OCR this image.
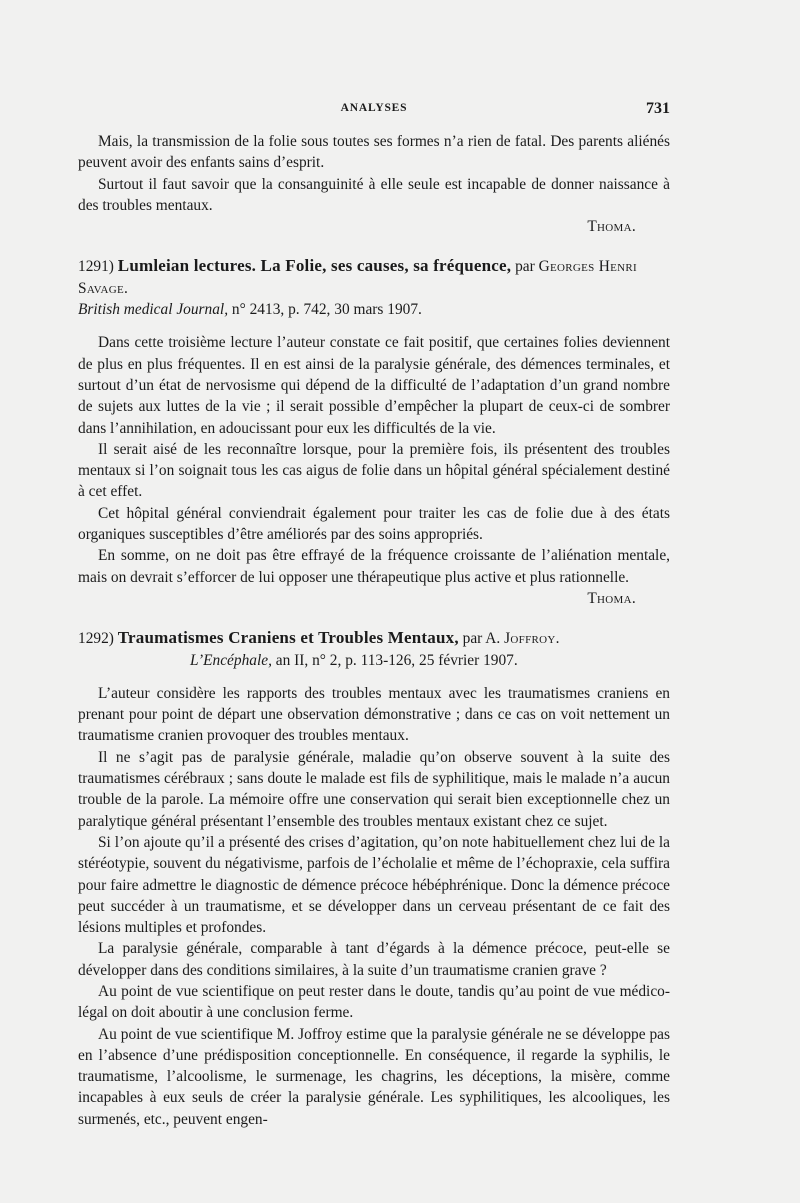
ANALYSES	731

Mais, la transmission de la folie sous toutes ses formes n’a rien de fatal. Des parents aliénés peuvent avoir des enfants sains d’esprit.

Surtout il faut savoir que la consanguinité à elle seule est incapable de donner naissance à des troubles mentaux.

Thoma.
1291) Lumleian lectures. La Folie, ses causes, sa fréquence, par Georges Henri Savage.
British medical Journal, n° 2413, p. 742, 30 mars 1907.

Dans cette troisième lecture l’auteur constate ce fait positif, que certaines folies deviennent de plus en plus fréquentes. Il en est ainsi de la paralysie générale, des démences terminales, et surtout d’un état de nervosisme qui dépend de la difficulté de l’adaptation d’un grand nombre de sujets aux luttes de la vie ; il serait possible d’empêcher la plupart de ceux-ci de sombrer dans l’annihilation, en adoucissant pour eux les difficultés de la vie.

Il serait aisé de les reconnaître lorsque, pour la première fois, ils présentent des troubles mentaux si l’on soignait tous les cas aigus de folie dans un hôpital général spécialement destiné à cet effet.

Cet hôpital général conviendrait également pour traiter les cas de folie due à des états organiques susceptibles d’être améliorés par des soins appropriés.

En somme, on ne doit pas être effrayé de la fréquence croissante de l’aliénation mentale, mais on devrait s’efforcer de lui opposer une thérapeutique plus active et plus rationnelle.

Thoma.
1292) Traumatismes Craniens et Troubles Mentaux, par A. Joffroy.
L’Encéphale, an II, n° 2, p. 113-126, 25 février 1907.

L’auteur considère les rapports des troubles mentaux avec les traumatismes craniens en prenant pour point de départ une observation démonstrative ; dans ce cas on voit nettement un traumatisme cranien provoquer des troubles mentaux.

Il ne s’agit pas de paralysie générale, maladie qu’on observe souvent à la suite des traumatismes cérébraux ; sans doute le malade est fils de syphilitique, mais le malade n’a aucun trouble de la parole. La mémoire offre une conservation qui serait bien exceptionnelle chez un paralytique général présentant l’ensemble des troubles mentaux existant chez ce sujet.

Si l’on ajoute qu’il a présenté des crises d’agitation, qu’on note habituellement chez lui de la stéréotypie, souvent du négativisme, parfois de l’écholalie et même de l’échopraxie, cela suffira pour faire admettre le diagnostic de démence précoce hébéphrénique. Donc la démence précoce peut succéder à un traumatisme, et se développer dans un cerveau présentant de ce fait des lésions multiples et profondes.

La paralysie générale, comparable à tant d’égards à la démence précoce, peut-elle se développer dans des conditions similaires, à la suite d’un traumatisme cranien grave ?

Au point de vue scientifique on peut rester dans le doute, tandis qu’au point de vue médico-légal on doit aboutir à une conclusion ferme.

Au point de vue scientifique M. Joffroy estime que la paralysie générale ne se développe pas en l’absence d’une prédisposition conceptionnelle. En conséquence, il regarde la syphilis, le traumatisme, l’alcoolisme, le surmenage, les chagrins, les déceptions, la misère, comme incapables à eux seuls de créer la paralysie générale. Les syphilitiques, les alcooliques, les surmenés, etc., peuvent engen-
